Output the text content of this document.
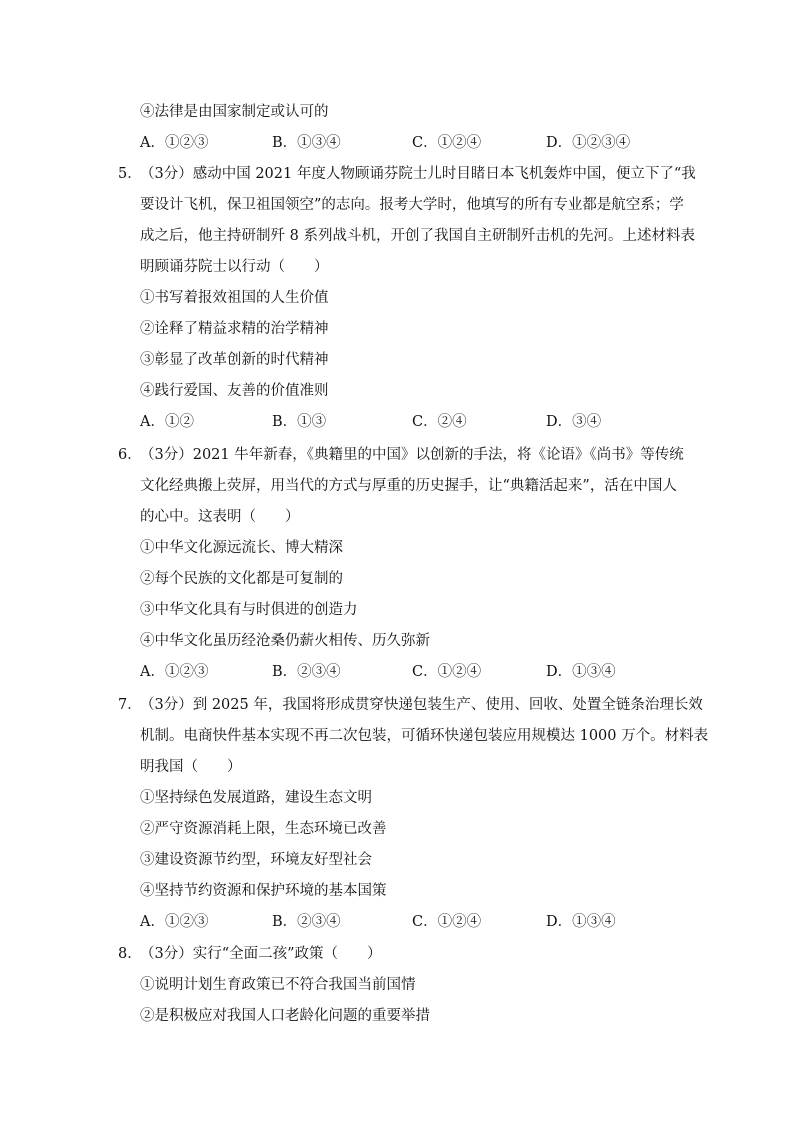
④法律是由国家制定或认可的
A．①②③	B．①③④	C．①②④	D．①②③④
5．
（3分）感动中国 2021 年度人物顾诵芬院士儿时目睹日本飞机轰炸中国，便立下了“我
要设计飞机，保卫祖国领空”的志向。报考大学时，他填写的所有专业都是航空系；学
成之后，他主持研制歼 8 系列战斗机，开创了我国自主研制歼击机的先河。上述材料表
明顾诵芬院士以行动（　　）
①书写着报效祖国的人生价值
②诠释了精益求精的治学精神
③彰显了改革创新的时代精神
④践行爱国、友善的价值准则
A．①②	B．①③	C．②④	D．③④
6．
（3分）2021 牛年新春，《典籍里的中国》以创新的手法，将《论语》《尚书》等传统
文化经典搬上荧屏，用当代的方式与厚重的历史握手，让“典籍活起来”，活在中国人
的心中。这表明（　　）
①中华文化源远流长、博大精深
②每个民族的文化都是可复制的
③中华文化具有与时俱进的创造力
④中华文化虽历经沧桑仍薪火相传、历久弥新
A．①②③	B．②③④	C．①②④	D．①③④
7．
（3分）到 2025 年，我国将形成贯穿快递包装生产、使用、回收、处置全链条治理长效
机制。电商快件基本实现不再二次包装，可循环快递包装应用规模达 1000 万个。材料表
明我国（　　）
①坚持绿色发展道路，建设生态文明
②严守资源消耗上限，生态环境已改善
③建设资源节约型，环境友好型社会
④坚持节约资源和保护环境的基本国策
A．①②③	B．②③④	C．①②④	D．①③④
8．
（3分）实行“全面二孩”政策（　　）
①说明计划生育政策已不符合我国当前国情
②是积极应对我国人口老龄化问题的重要举措
